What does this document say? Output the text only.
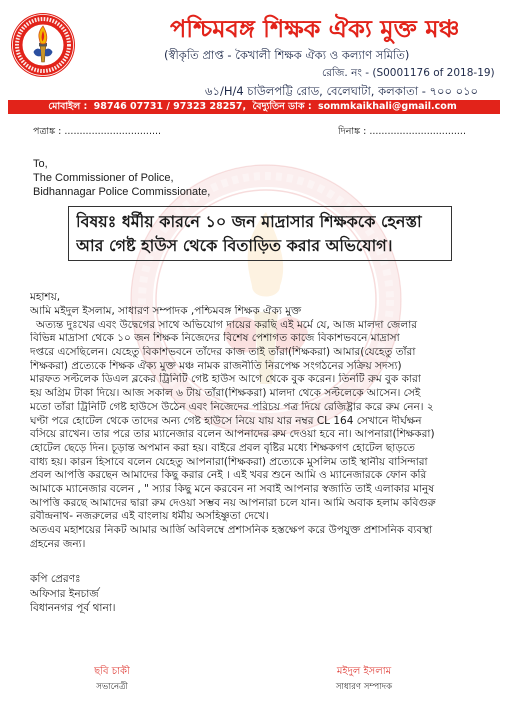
পশ্চিমবঙ্গ শিক্ষক ঐক্য মুক্ত মঞ্চ
(স্বীকৃতি প্রাপ্ত - কৈখালী শিক্ষক ঐক্য ও কল্যাণ সমিতি)
রেজি. নং - (S0001176 of 2018-19)
৬১/H/4 চাউলপট্টি রোড, বেলেঘাটা, কলকাতা - ৭০০ ০১০
মোবাইল : 98746 07731 / 97323 28257, বৈদ্যুতিন ডাক : sommkaikhali@gmail.com
পত্রাঙ্ক : ................................	দিনাঙ্ক : ................................
To,
The Commissioner of Police,
Bidhannagar Police Commissionate,
বিষয়ঃ ধর্মীয় কারনে ১০ জন মাদ্রাসার শিক্ষককে হেনস্তা
আর গেষ্ট হাউস থেকে বিতাড়িত করার অভিযোগ।
মহাশয়,
আমি মইদুল ইসলাম, সাধারণ সম্পাদক ,পশ্চিমবঙ্গ শিক্ষক ঐক্য মুক্ত
অত্যন্ত দুঃখের এবং উদ্বেগের সাথে অভিযোগ দায়ের করছি এই মর্মে যে, আজ মালদা জেলার
বিভিন্ন মাদ্রাসা থেকে ১০ জন শিক্ষক নিজেদের বিশেষ পেশাগত কাজে বিকাশভবনে মাদ্রাসা
দপ্তরে এসেছিলেন। যেহেতু বিকাশভবনে তাঁদের কাজ তাই তাঁরা(শিক্ষকরা) আমার(যেহেতু তাঁরা
শিক্ষকরা) প্রত্যেকে শিক্ষক ঐক্য মুক্ত মঞ্চ নামক রাজনীতি নিরপেক্ষ সংগঠনের সক্রিয় সদস্য)
মারফত সল্টলেক ডিএল ব্লকের ট্রিনিটি গেষ্ট হাউস আগে থেকে বুক করেন। তিনটি রুম বুক কারা
হয় অগ্রিম টাকা দিয়ে। আজ সকাল ৬ টায় তাঁরা(শিক্ষকরা) মালদা থেকে সল্টলেকে আসেন। সেই
মতো তাঁরা ট্রিনিটি গেষ্ট হাউসে উঠেন এবং নিজেদের পরিচয় পত্র দিয়ে রেজিষ্ট্রার করে রুম নেন। ২
ঘণ্টা পরে হোটেল থেকে তাদের অন্য গেষ্ট হাউসে নিয়ে যায় যার নম্বর CL 164 সেখানে দীর্ঘক্ষন
বসিয়ে রাখেন। তার পরে তার ম্যানেজার বলেন আপনাদের রুম দেওয়া হবে না। আপনারা(শিক্ষকরা)
হোটেল ছেড়ে দিন। চূড়ান্ত অপমান করা হয়। বাইরে প্রবল বৃষ্টির মধ্যে শিক্ষকগণ হোটেল ছাড়তে
বাধ্য হয়। কারন হিসাবে বলেন যেহেতু আপনারা(শিক্ষকরা) প্রত্যেকে মুসলিম তাই স্থানীয় বাসিন্দারা
প্রবল আপত্তি করছেন আমাদের কিছু করার নেই । এই খবর শুনে আমি ও ম্যানেজারকে ফোন করি
আমাকে ম্যানেজার বলেন , " স্যার কিছু মনে করবেন না সবাই আপনার স্বজাতি তাই এলাকার মানুষ
আপত্তি করছে আমাদের দ্বারা রুম দেওয়া সম্ভব নয় আপনারা চলে যান। আমি অবাক হলাম কবিগুরু
রবীন্দ্রনাথ- নজরুলের এই বাংলায় ধর্মীয় অসহিষ্ণুতা দেখে।
অতএব মহাশয়ের নিকট আমার আর্জি অবিলম্বে প্রশাসনিক হস্তক্ষেপ করে উপযুক্ত প্রশাসনিক ব্যবস্থা
গ্রহনের জন্য।
কপি প্রেরণঃ
অফিসার ইনচার্জ
বিধাননগর পূর্ব থানা।
ছবি চাকী
সভানেত্রী
মইদুল ইসলাম
সাধারণ সম্পাদক
